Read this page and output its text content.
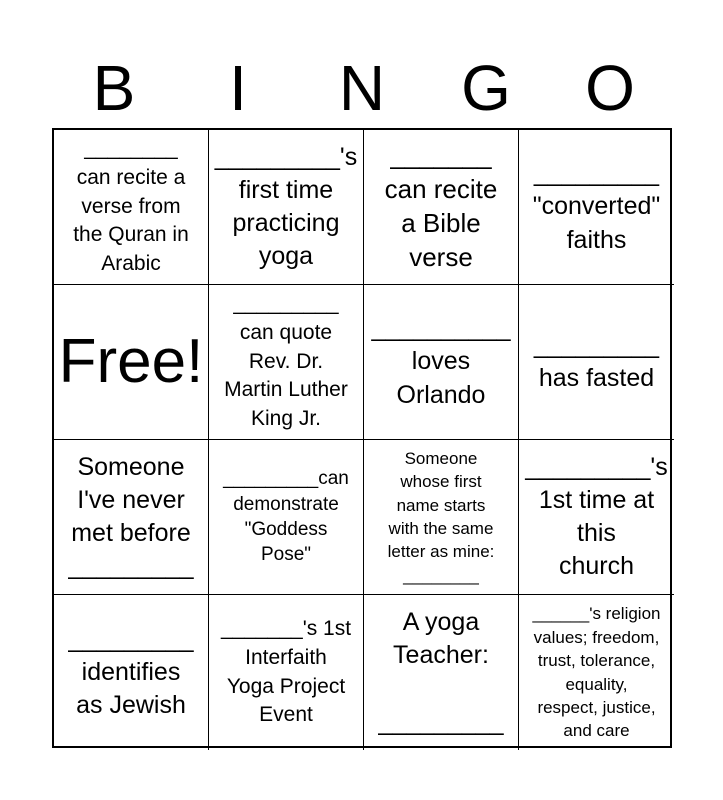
B	I	N	G	O
________
can recite a
verse from
the Quran in
Arabic
_________'s
first time
practicing
yoga
_______
can recite
a Bible
verse
_________
"converted"
faiths
Free!
_________
can quote
Rev. Dr.
Martin Luther
King Jr.
__________
loves
Orlando
_________
has fasted
Someone
I've never
met before
_________
_________can
demonstrate
"Goddess
Pose"
Someone
whose first
name starts
with the same
letter as mine:
________
_________'s
1st time at
this
church
_________
identifies
as Jewish
_______'s 1st
Interfaith
Yoga Project
Event
A yoga
Teacher:

_________
______'s religion
values; freedom,
trust, tolerance,
equality,
respect, justice,
and care
